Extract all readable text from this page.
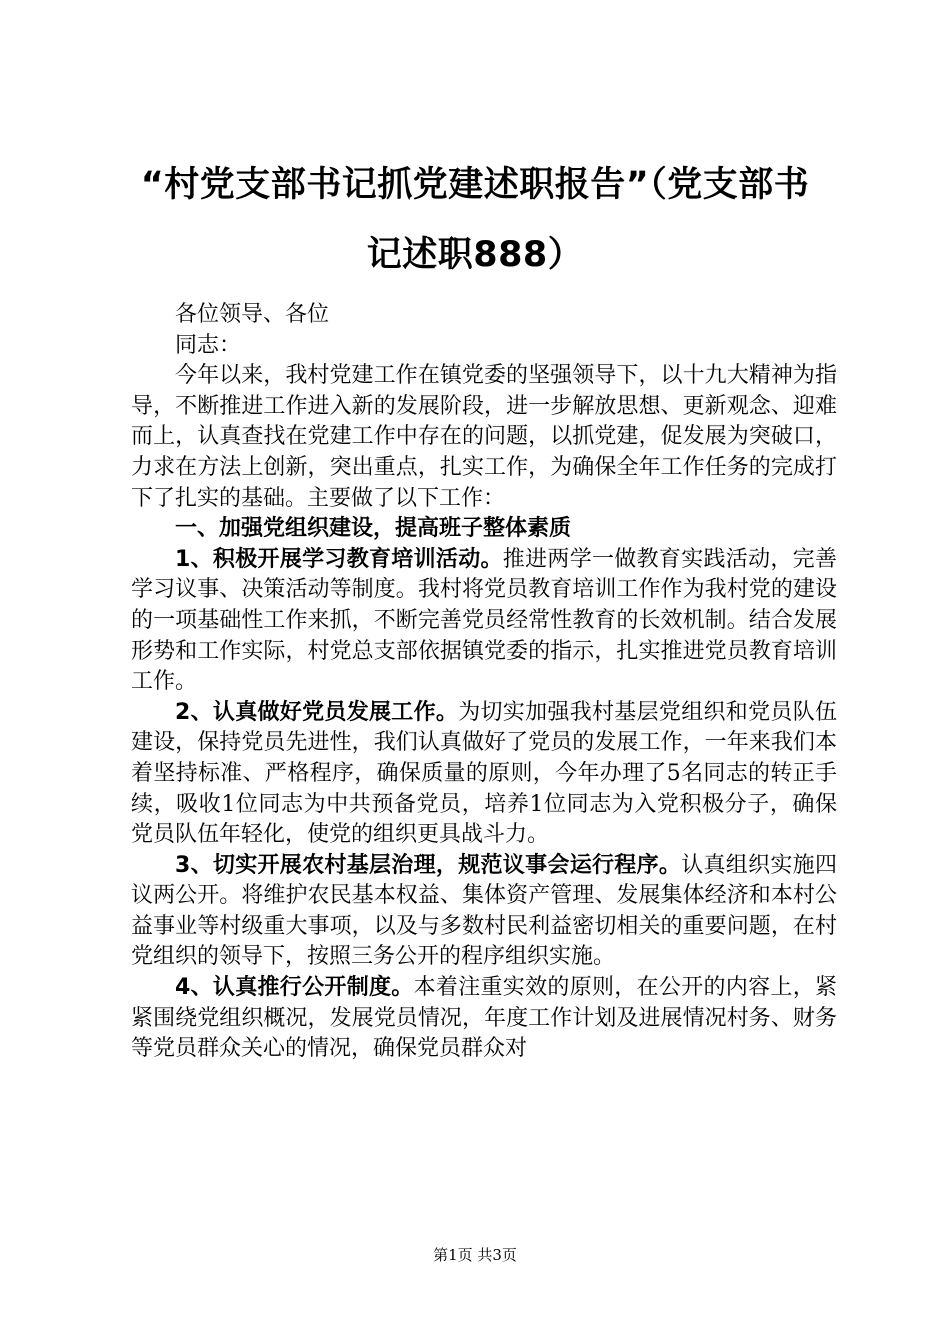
“村党支部书记抓党建述职报告”（党支部书
记述职888）

各位领导、各位

同志：

今年以来，我村党建工作在镇党委的坚强领导下，以十九大精神为指导，不断推进工作进入新的发展阶段，进一步解放思想、更新观念、迎难而上，认真查找在党建工作中存在的问题，以抓党建，促发展为突破口，力求在方法上创新，突出重点，扎实工作，为确保全年工作任务的完成打下了扎实的基础。主要做了以下工作：

一、加强党组织建设，提高班子整体素质

1、积极开展学习教育培训活动。推进两学一做教育实践活动，完善学习议事、决策活动等制度。我村将党员教育培训工作作为我村党的建设的一项基础性工作来抓，不断完善党员经常性教育的长效机制。结合发展形势和工作实际，村党总支部依据镇党委的指示，扎实推进党员教育培训工作。

2、认真做好党员发展工作。为切实加强我村基层党组织和党员队伍建设，保持党员先进性，我们认真做好了党员的发展工作，一年来我们本着坚持标准、严格程序，确保质量的原则，今年办理了5名同志的转正手续，吸收1位同志为中共预备党员，培养1位同志为入党积极分子，确保党员队伍年轻化，使党的组织更具战斗力。

3、切实开展农村基层治理，规范议事会运行程序。认真组织实施四议两公开。将维护农民基本权益、集体资产管理、发展集体经济和本村公益事业等村级重大事项，以及与多数村民利益密切相关的重要问题，在村党组织的领导下，按照三务公开的程序组织实施。

4、认真推行公开制度。本着注重实效的原则，在公开的内容上，紧紧围绕党组织概况，发展党员情况，年度工作计划及进展情况村务、财务等党员群众关心的情况，确保党员群众对

第1页 共3页
